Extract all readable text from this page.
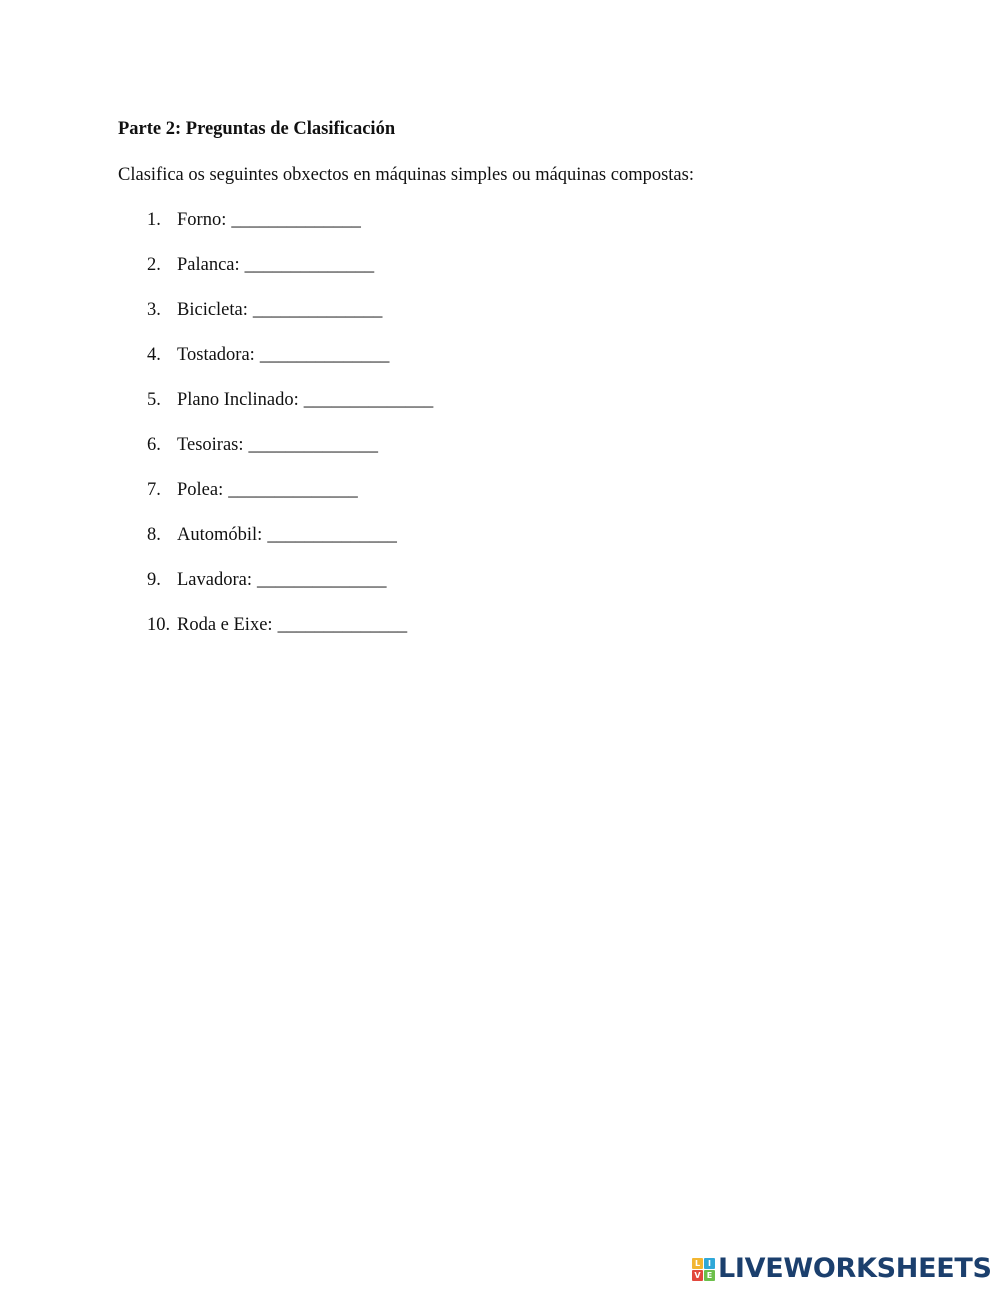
Parte 2: Preguntas de Clasificación
Clasifica os seguintes obxectos en máquinas simples ou máquinas compostas:
1. Forno: ______________
2. Palanca: ______________
3. Bicicleta: ______________
4. Tostadora: ______________
5. Plano Inclinado: ______________
6. Tesoiras: ______________
7. Polea: ______________
8. Automóbil: ______________
9. Lavadora: ______________
10. Roda e Eixe: ______________
L I
V E LIVEWORKSHEETS
